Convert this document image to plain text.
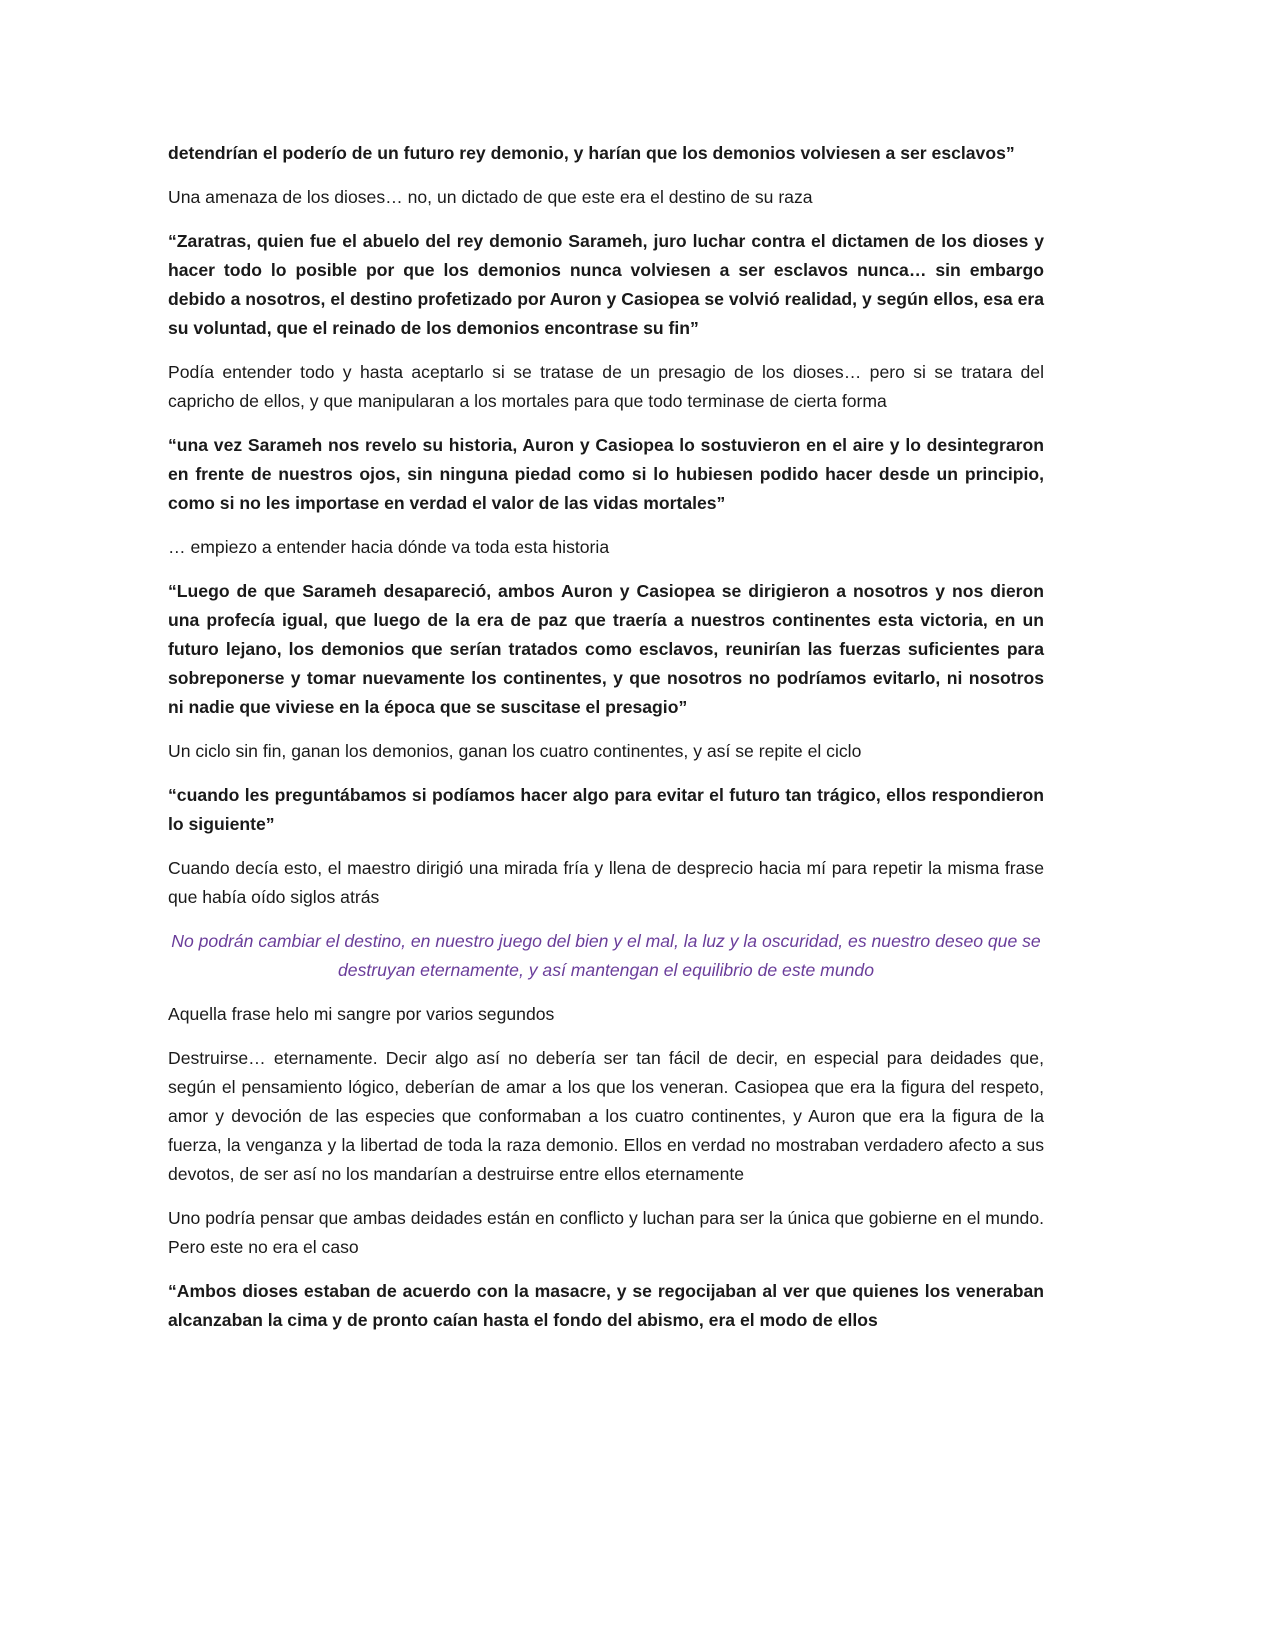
detendrían el poderío de un futuro rey demonio, y harían que los demonios volviesen a ser esclavos”

Una amenaza de los dioses… no, un dictado de que este era el destino de su raza

“Zaratras, quien fue el abuelo del rey demonio Sarameh, juro luchar contra el dictamen de los dioses y hacer todo lo posible por que los demonios nunca volviesen a ser esclavos nunca… sin embargo debido a nosotros, el destino profetizado por Auron y Casiopea se volvió realidad, y según ellos, esa era su voluntad, que el reinado de los demonios encontrase su fin”

Podía entender todo y hasta aceptarlo si se tratase de un presagio de los dioses… pero si se tratara del capricho de ellos, y que manipularan a los mortales para que todo terminase de cierta forma

“una vez Sarameh nos revelo su historia, Auron y Casiopea lo sostuvieron en el aire y lo desintegraron en frente de nuestros ojos, sin ninguna piedad como si lo hubiesen podido hacer desde un principio, como si no les importase en verdad el valor de las vidas mortales”

… empiezo a entender hacia dónde va toda esta historia

“Luego de que Sarameh desapareció, ambos Auron y Casiopea se dirigieron a nosotros y nos dieron una profecía igual, que luego de la era de paz que traería a nuestros continentes esta victoria, en un futuro lejano, los demonios que serían tratados como esclavos, reunirían las fuerzas suficientes para sobreponerse y tomar nuevamente los continentes, y que nosotros no podríamos evitarlo, ni nosotros ni nadie que viviese en la época que se suscitase el presagio”

Un ciclo sin fin, ganan los demonios, ganan los cuatro continentes, y así se repite el ciclo

“cuando les preguntábamos si podíamos hacer algo para evitar el futuro tan trágico, ellos respondieron lo siguiente”

Cuando decía esto, el maestro dirigió una mirada fría y llena de desprecio hacia mí para repetir la misma frase que había oído siglos atrás

No podrán cambiar el destino, en nuestro juego del bien y el mal, la luz y la oscuridad, es nuestro deseo que se destruyan eternamente, y así mantengan el equilibrio de este mundo

Aquella frase helo mi sangre por varios segundos

Destruirse… eternamente. Decir algo así no debería ser tan fácil de decir, en especial para deidades que, según el pensamiento lógico, deberían de amar a los que los veneran. Casiopea que era la figura del respeto, amor y devoción de las especies que conformaban a los cuatro continentes, y Auron que era la figura de la fuerza, la venganza y la libertad de toda la raza demonio. Ellos en verdad no mostraban verdadero afecto a sus devotos, de ser así no los mandarían a destruirse entre ellos eternamente

Uno podría pensar que ambas deidades están en conflicto y luchan para ser la única que gobierne en el mundo. Pero este no era el caso

“Ambos dioses estaban de acuerdo con la masacre, y se regocijaban al ver que quienes los veneraban alcanzaban la cima y de pronto caían hasta el fondo del abismo, era el modo de ellos
